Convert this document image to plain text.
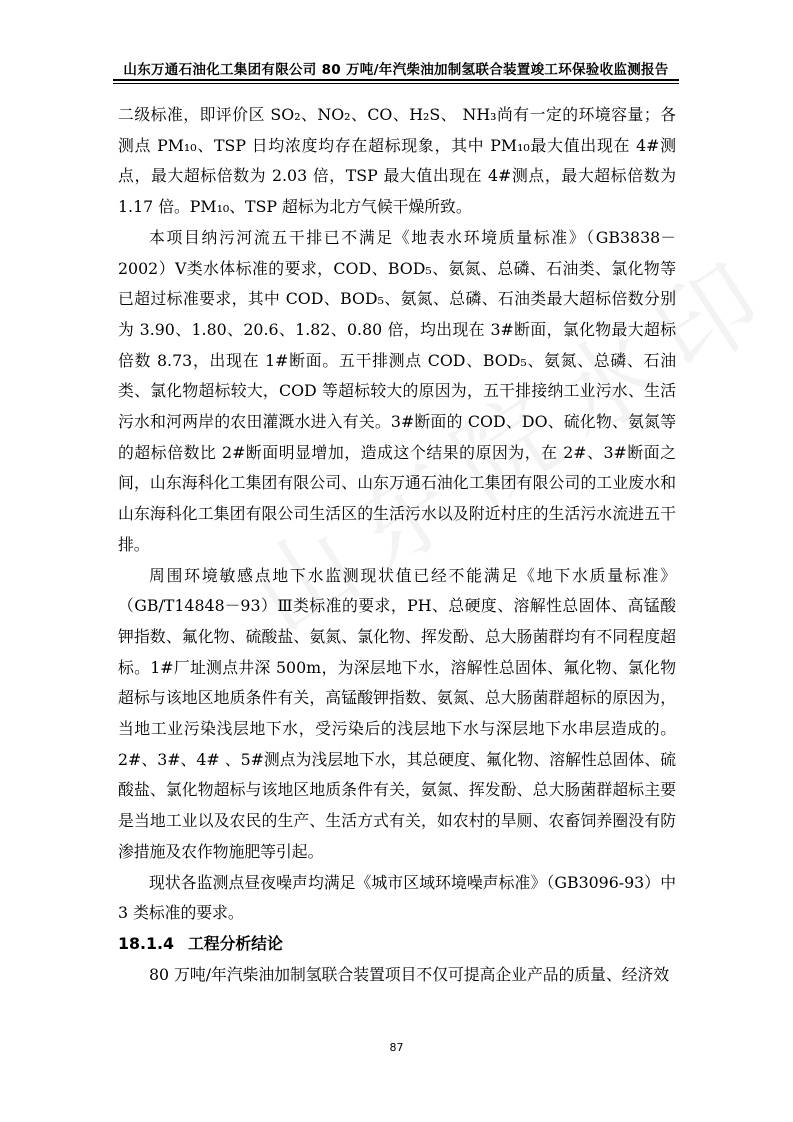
山东万通石油化工集团有限公司 80 万吨/年汽柴油加制氢联合装置竣工环保验收监测报告

二级标准，即评价区 SO₂、NO₂、CO、H₂S、 NH₃尚有一定的环境容量；各测点 PM₁₀、TSP 日均浓度均存在超标现象，其中 PM₁₀最大值出现在 4#测点，最大超标倍数为 2.03 倍，TSP 最大值出现在 4#测点，最大超标倍数为 1.17 倍。PM₁₀、TSP 超标为北方气候干燥所致。

本项目纳污河流五干排已不满足《地表水环境质量标准》（GB3838－2002）Ⅴ类水体标准的要求，COD、BOD₅、氨氮、总磷、石油类、氯化物等已超过标准要求，其中 COD、BOD₅、氨氮、总磷、石油类最大超标倍数分别为 3.90、1.80、20.6、1.82、0.80 倍，均出现在 3#断面，氯化物最大超标倍数 8.73，出现在 1#断面。五干排测点 COD、BOD₅、氨氮、总磷、石油类、氯化物超标较大，COD 等超标较大的原因为，五干排接纳工业污水、生活污水和河两岸的农田灌溉水进入有关。3#断面的 COD、DO、硫化物、氨氮等的超标倍数比 2#断面明显增加，造成这个结果的原因为，在 2#、3#断面之间，山东海科化工集团有限公司、山东万通石油化工集团有限公司的工业废水和山东海科化工集团有限公司生活区的生活污水以及附近村庄的生活污水流进五干排。

周围环境敏感点地下水监测现状值已经不能满足《地下水质量标准》（GB/T14848－93）Ⅲ类标准的要求，PH、总硬度、溶解性总固体、高锰酸钾指数、氟化物、硫酸盐、氨氮、氯化物、挥发酚、总大肠菌群均有不同程度超标。1#厂址测点井深 500m，为深层地下水，溶解性总固体、氟化物、氯化物超标与该地区地质条件有关，高锰酸钾指数、氨氮、总大肠菌群超标的原因为，当地工业污染浅层地下水，受污染后的浅层地下水与深层地下水串层造成的。2#、3#、4# 、5#测点为浅层地下水，其总硬度、氟化物、溶解性总固体、硫酸盐、氯化物超标与该地区地质条件有关，氨氮、挥发酚、总大肠菌群超标主要是当地工业以及农民的生产、生活方式有关，如农村的旱厕、农畜饲养圈没有防渗措施及农作物施肥等引起。

现状各监测点昼夜噪声均满足《城市区域环境噪声标准》（GB3096-93）中 3 类标准的要求。

18.1.4 工程分析结论

80 万吨/年汽柴油加制氢联合装置项目不仅可提高企业产品的质量、经济效

87
